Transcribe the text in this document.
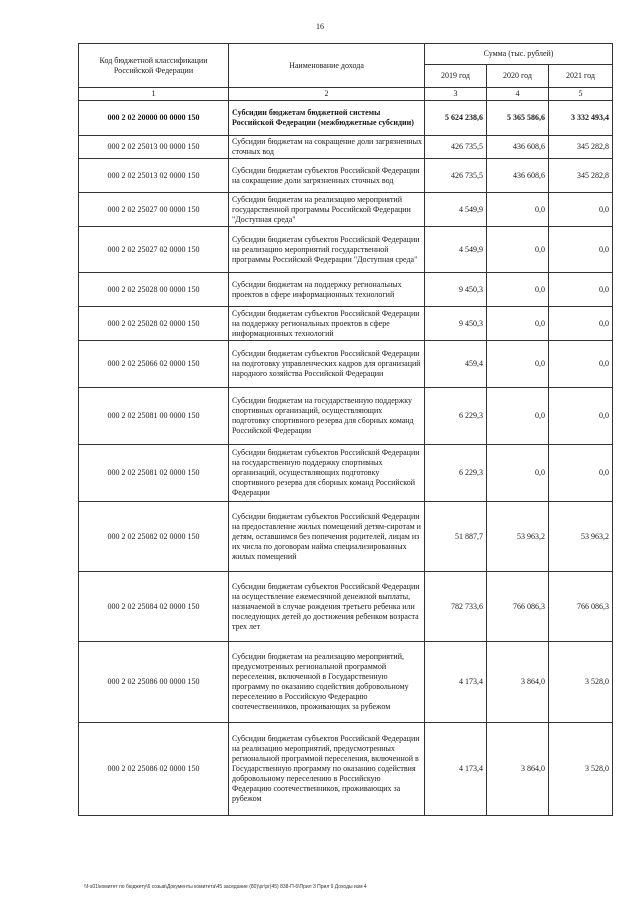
16
Код бюджетной классификации Российской Федерации	Наименование дохода	Сумма (тыс. рублей)		
		2019 год	2020 год	2021 год
1	2	3	4	5
000 2 02 20000 00 0000 150	Субсидии бюджетам бюджетной системы Российской Федерации (межбюджетные субсидии)	5 624 238,6	5 365 586,6	3 332 493,4
000 2 02 25013 00 0000 150	Субсидии бюджетам на сокращение доли загрязненных сточных вод	426 735,5	436 608,6	345 282,8
000 2 02 25013 02 0000 150	Субсидии бюджетам субъектов Российской Федерации на сокращение доли загрязненных сточных вод	426 735,5	436 608,6	345 282,8
000 2 02 25027 00 0000 150	Субсидии бюджетам на реализацию мероприятий государственной программы Российской Федерации "Доступная среда"	4 549,9	0,0	0,0
000 2 02 25027 02 0000 150	Субсидии бюджетам субъектов Российской Федерации на реализацию мероприятий государственной программы Российской Федерации "Доступная среда"	4 549,9	0,0	0,0
000 2 02 25028 00 0000 150	Субсидии бюджетам на поддержку региональных проектов в сфере информационных технологий	9 450,3	0,0	0,0
000 2 02 25028 02 0000 150	Субсидии бюджетам субъектов Российской Федерации на поддержку региональных проектов в сфере информационных технологий	9 450,3	0,0	0,0
000 2 02 25066 02 0000 150	Субсидии бюджетам субъектов Российской Федерации на подготовку управленческих кадров для организаций народного хозяйства Российской Федерации	459,4	0,0	0,0
000 2 02 25081 00 0000 150	Субсидии бюджетам на государственную поддержку спортивных организаций, осуществляющих подготовку спортивного резерва для сборных команд Российской Федерации	6 229,3	0,0	0,0
000 2 02 25081 02 0000 150	Субсидии бюджетам субъектов Российской Федерации на государственную поддержку спортивных организаций, осуществляющих подготовку спортивного резерва для сборных команд Российской Федерации	6 229,3	0,0	0,0
000 2 02 25082 02 0000 150	Субсидии бюджетам субъектов Российской Федерации на предоставление жилых помещений детям-сиротам и детям, оставшимся без попечения родителей, лицам из их числа по договорам найма специализированных жилых помещений	51 887,7	53 963,2	53 963,2
000 2 02 25084 02 0000 150	Субсидии бюджетам субъектов Российской Федерации на осуществление ежемесячной денежной выплаты, назначаемой в случае рождения третьего ребенка или последующих детей до достижения ребенком возраста трех лет	782 733,6	766 086,3	766 086,3
000 2 02 25086 00 0000 150	Субсидии бюджетам на реализацию мероприятий, предусмотренных региональной программой переселения, включенной в Государственную программу по оказанию содействия добровольному переселению в Российскую Федерацию соотечественников, проживающих за рубежом	4 173,4	3 864,0	3 528,0
000 2 02 25086 02 0000 150	Субсидии бюджетам субъектов Российской Федерации на реализацию мероприятий, предусмотренных региональной программой переселения, включенной в Государственную программу по оказанию содействия добровольному переселению в Российскую Федерацию соотечественников, проживающих за рубежом	4 173,4	3 864,0	3 528,0
\\f-s01\комитет по бюджету\6 созыв\Документы комитета\45 заседание (80)\pr\pr(45) 838-П-6\Прил 3 Прил 9 Доходы изм 4
